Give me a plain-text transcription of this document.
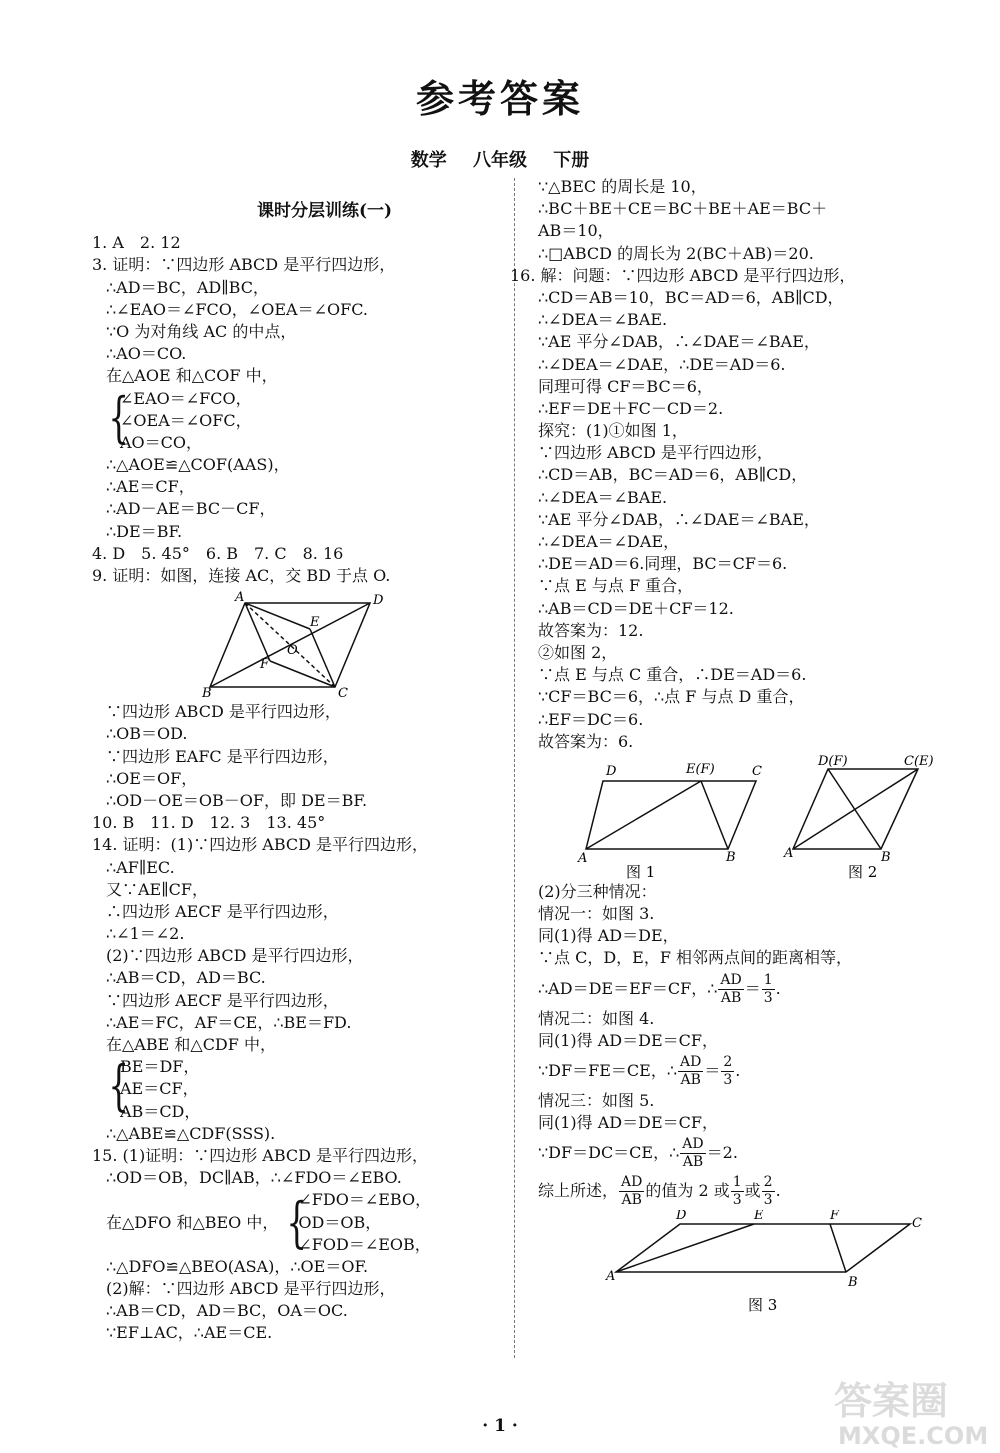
参考答案
数学 八年级 下册
课时分层训练(一)
1. A　2. 12
3. 证明：∵四边形 ABCD 是平行四边形，
∴AD＝BC，AD∥BC，
∴∠EAO＝∠FCO，∠OEA＝∠OFC.
∵O 为对角线 AC 的中点，
∴AO＝CO.
在△AOE 和△COF 中，
{
∠EAO＝∠FCO，
∠OEA＝∠OFC，
AO＝CO，
∴△AOE≌△COF(AAS)，
∴AE＝CF，
∴AD－AE＝BC－CF，
∴DE＝BF.
4. D　5. 45°　6. B　7. C　8. 16
9. 证明：如图，连接 AC，交 BD 于点 O.
A	D
E
O
F
B	C
∵四边形 ABCD 是平行四边形，
∴OB＝OD.
∵四边形 EAFC 是平行四边形，
∴OE＝OF，
∴OD－OE＝OB－OF，即 DE＝BF.
10. B　11. D　12. 3　13. 45°
14. 证明：(1)∵四边形 ABCD 是平行四边形，
∴AF∥EC.
又∵AE∥CF，
∴四边形 AECF 是平行四边形，
∴∠1＝∠2.
(2)∵四边形 ABCD 是平行四边形，
∴AB＝CD，AD＝BC.
∵四边形 AECF 是平行四边形，
∴AE＝FC，AF＝CE，∴BE＝FD.
在△ABE 和△CDF 中，
{
BE＝DF，
AE＝CF，
AB＝CD，
∴△ABE≌△CDF(SSS).
15. (1)证明：∵四边形 ABCD 是平行四边形，
∴OD＝OB，DC∥AB，∴∠FDO＝∠EBO.
在△DFO 和△BEO 中， {
∠FDO＝∠EBO，
OD＝OB，
∠FOD＝∠EOB，
∴△DFO≌△BEO(ASA)，∴OE＝OF.
(2)解：∵四边形 ABCD 是平行四边形，
∴AB＝CD，AD＝BC，OA＝OC.
∵EF⊥AC，∴AE＝CE.
∵△BEC 的周长是 10，
∴BC＋BE＋CE＝BC＋BE＋AE＝BC＋
AB＝10，
∴□ABCD 的周长为 2(BC＋AB)＝20.
16. 解：问题：∵四边形 ABCD 是平行四边形，
∴CD＝AB＝10，BC＝AD＝6，AB∥CD，
∴∠DEA＝∠BAE.
∵AE 平分∠DAB，∴∠DAE＝∠BAE，
∴∠DEA＝∠DAE，∴DE＝AD＝6.
同理可得 CF＝BC＝6，
∴EF＝DE＋FC－CD＝2.
探究：(1)①如图 1，
∵四边形 ABCD 是平行四边形，
∴CD＝AB，BC＝AD＝6，AB∥CD，
∴∠DEA＝∠BAE.
∵AE 平分∠DAB，∴∠DAE＝∠BAE，
∴∠DEA＝∠DAE，
∴DE＝AD＝6.同理，BC＝CF＝6.
∵点 E 与点 F 重合，
∴AB＝CD＝DE＋CF＝12.
故答案为：12.
②如图 2，
∵点 E 与点 C 重合，∴DE＝AD＝6.
∵CF＝BC＝6，∴点 F 与点 D 重合，
∴EF＝DC＝6.
故答案为：6.
D	E(F)	C
A	B
D(F)	C(E)
A	B
图 1	图 2
(2)分三种情况：
情况一：如图 3.
同(1)得 AD＝DE，
∵点 C，D，E，F 相邻两点间的距离相等，
∴AD＝DE＝EF＝CF，∴ $\frac{AD}{AB} = \frac{1}{3}$ .
情况二：如图 4.
同(1)得 AD＝DE＝CF，
∵DF＝FE＝CE，∴ $\frac{AD}{AB} = \frac{2}{3}$ .
情况三：如图 5.
同(1)得 AD＝DE＝CF，
∵DF＝DC＝CE，∴ $\frac{AD}{AB} =2$.
综上所述， $\frac{AD}{AB}$ 的值为 2 或 $\frac{1}{3}$ 或 $\frac{2}{3}$ .
D	E	F
C
A	B
图 3
· 1 ·
答案圈
MXQE.COM
